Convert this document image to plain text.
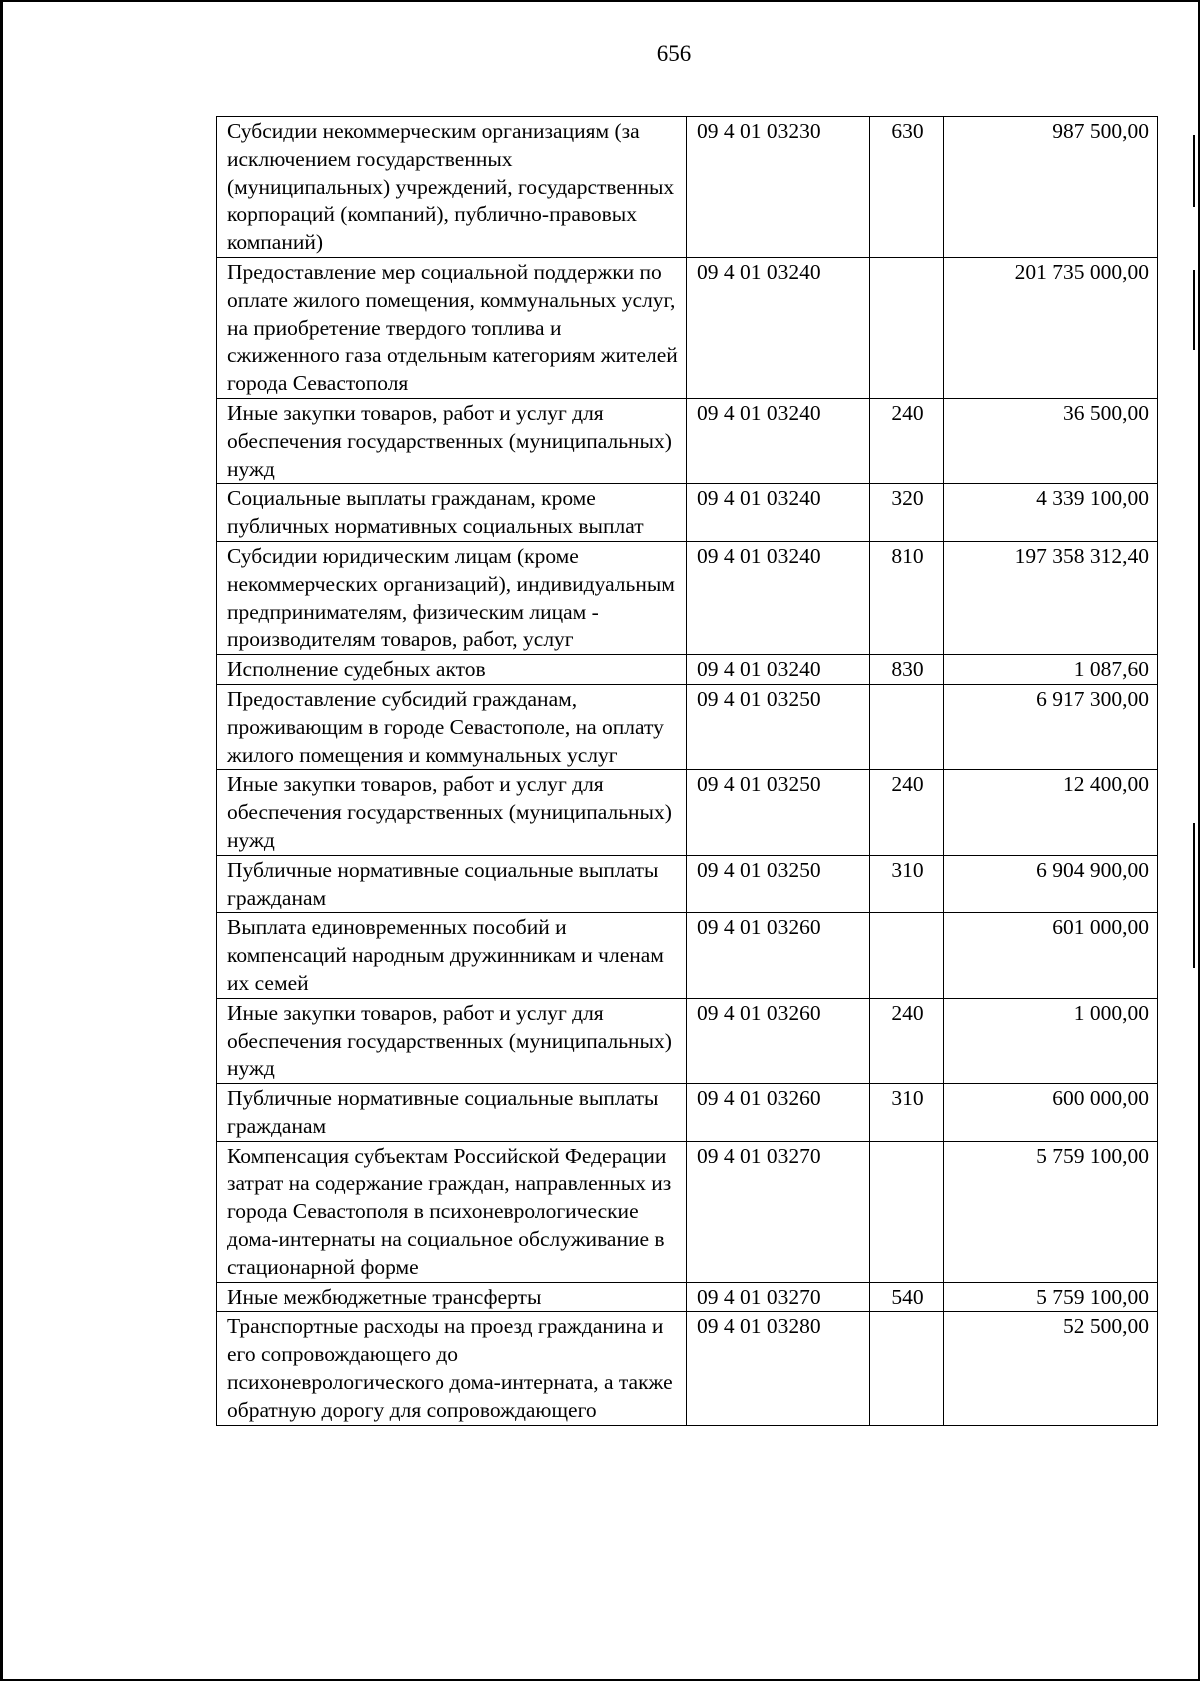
656
Субсидии некоммерческим организациям (за исключением государственных (муниципальных) учреждений, государственных корпораций (компаний), публично-правовых компаний)	09 4 01 03230	630	987 500,00
Предоставление мер социальной поддержки по оплате жилого помещения, коммунальных услуг, на приобретение твердого топлива и сжиженного газа отдельным категориям жителей города Севастополя	09 4 01 03240		201 735 000,00
Иные закупки товаров, работ и услуг для обеспечения государственных (муниципальных) нужд	09 4 01 03240	240	36 500,00
Социальные выплаты гражданам, кроме публичных нормативных социальных выплат	09 4 01 03240	320	4 339 100,00
Субсидии юридическим лицам (кроме некоммерческих организаций), индивидуальным предпринимателям, физическим лицам - производителям товаров, работ, услуг	09 4 01 03240	810	197 358 312,40
Исполнение судебных актов	09 4 01 03240	830	1 087,60
Предоставление субсидий гражданам, проживающим в городе Севастополе, на оплату жилого помещения и коммунальных услуг	09 4 01 03250		6 917 300,00
Иные закупки товаров, работ и услуг для обеспечения государственных (муниципальных) нужд	09 4 01 03250	240	12 400,00
Публичные нормативные социальные выплаты гражданам	09 4 01 03250	310	6 904 900,00
Выплата единовременных пособий и компенсаций народным дружинникам и членам их семей	09 4 01 03260		601 000,00
Иные закупки товаров, работ и услуг для обеспечения государственных (муниципальных) нужд	09 4 01 03260	240	1 000,00
Публичные нормативные социальные выплаты гражданам	09 4 01 03260	310	600 000,00
Компенсация субъектам Российской Федерации затрат на содержание граждан, направленных из города Севастополя в психоневрологические дома-интернаты на социальное обслуживание в стационарной форме	09 4 01 03270		5 759 100,00
Иные межбюджетные трансферты	09 4 01 03270	540	5 759 100,00
Транспортные расходы на проезд гражданина и его сопровождающего до психоневрологического дома-интерната, а также обратную дорогу для сопровождающего	09 4 01 03280		52 500,00
